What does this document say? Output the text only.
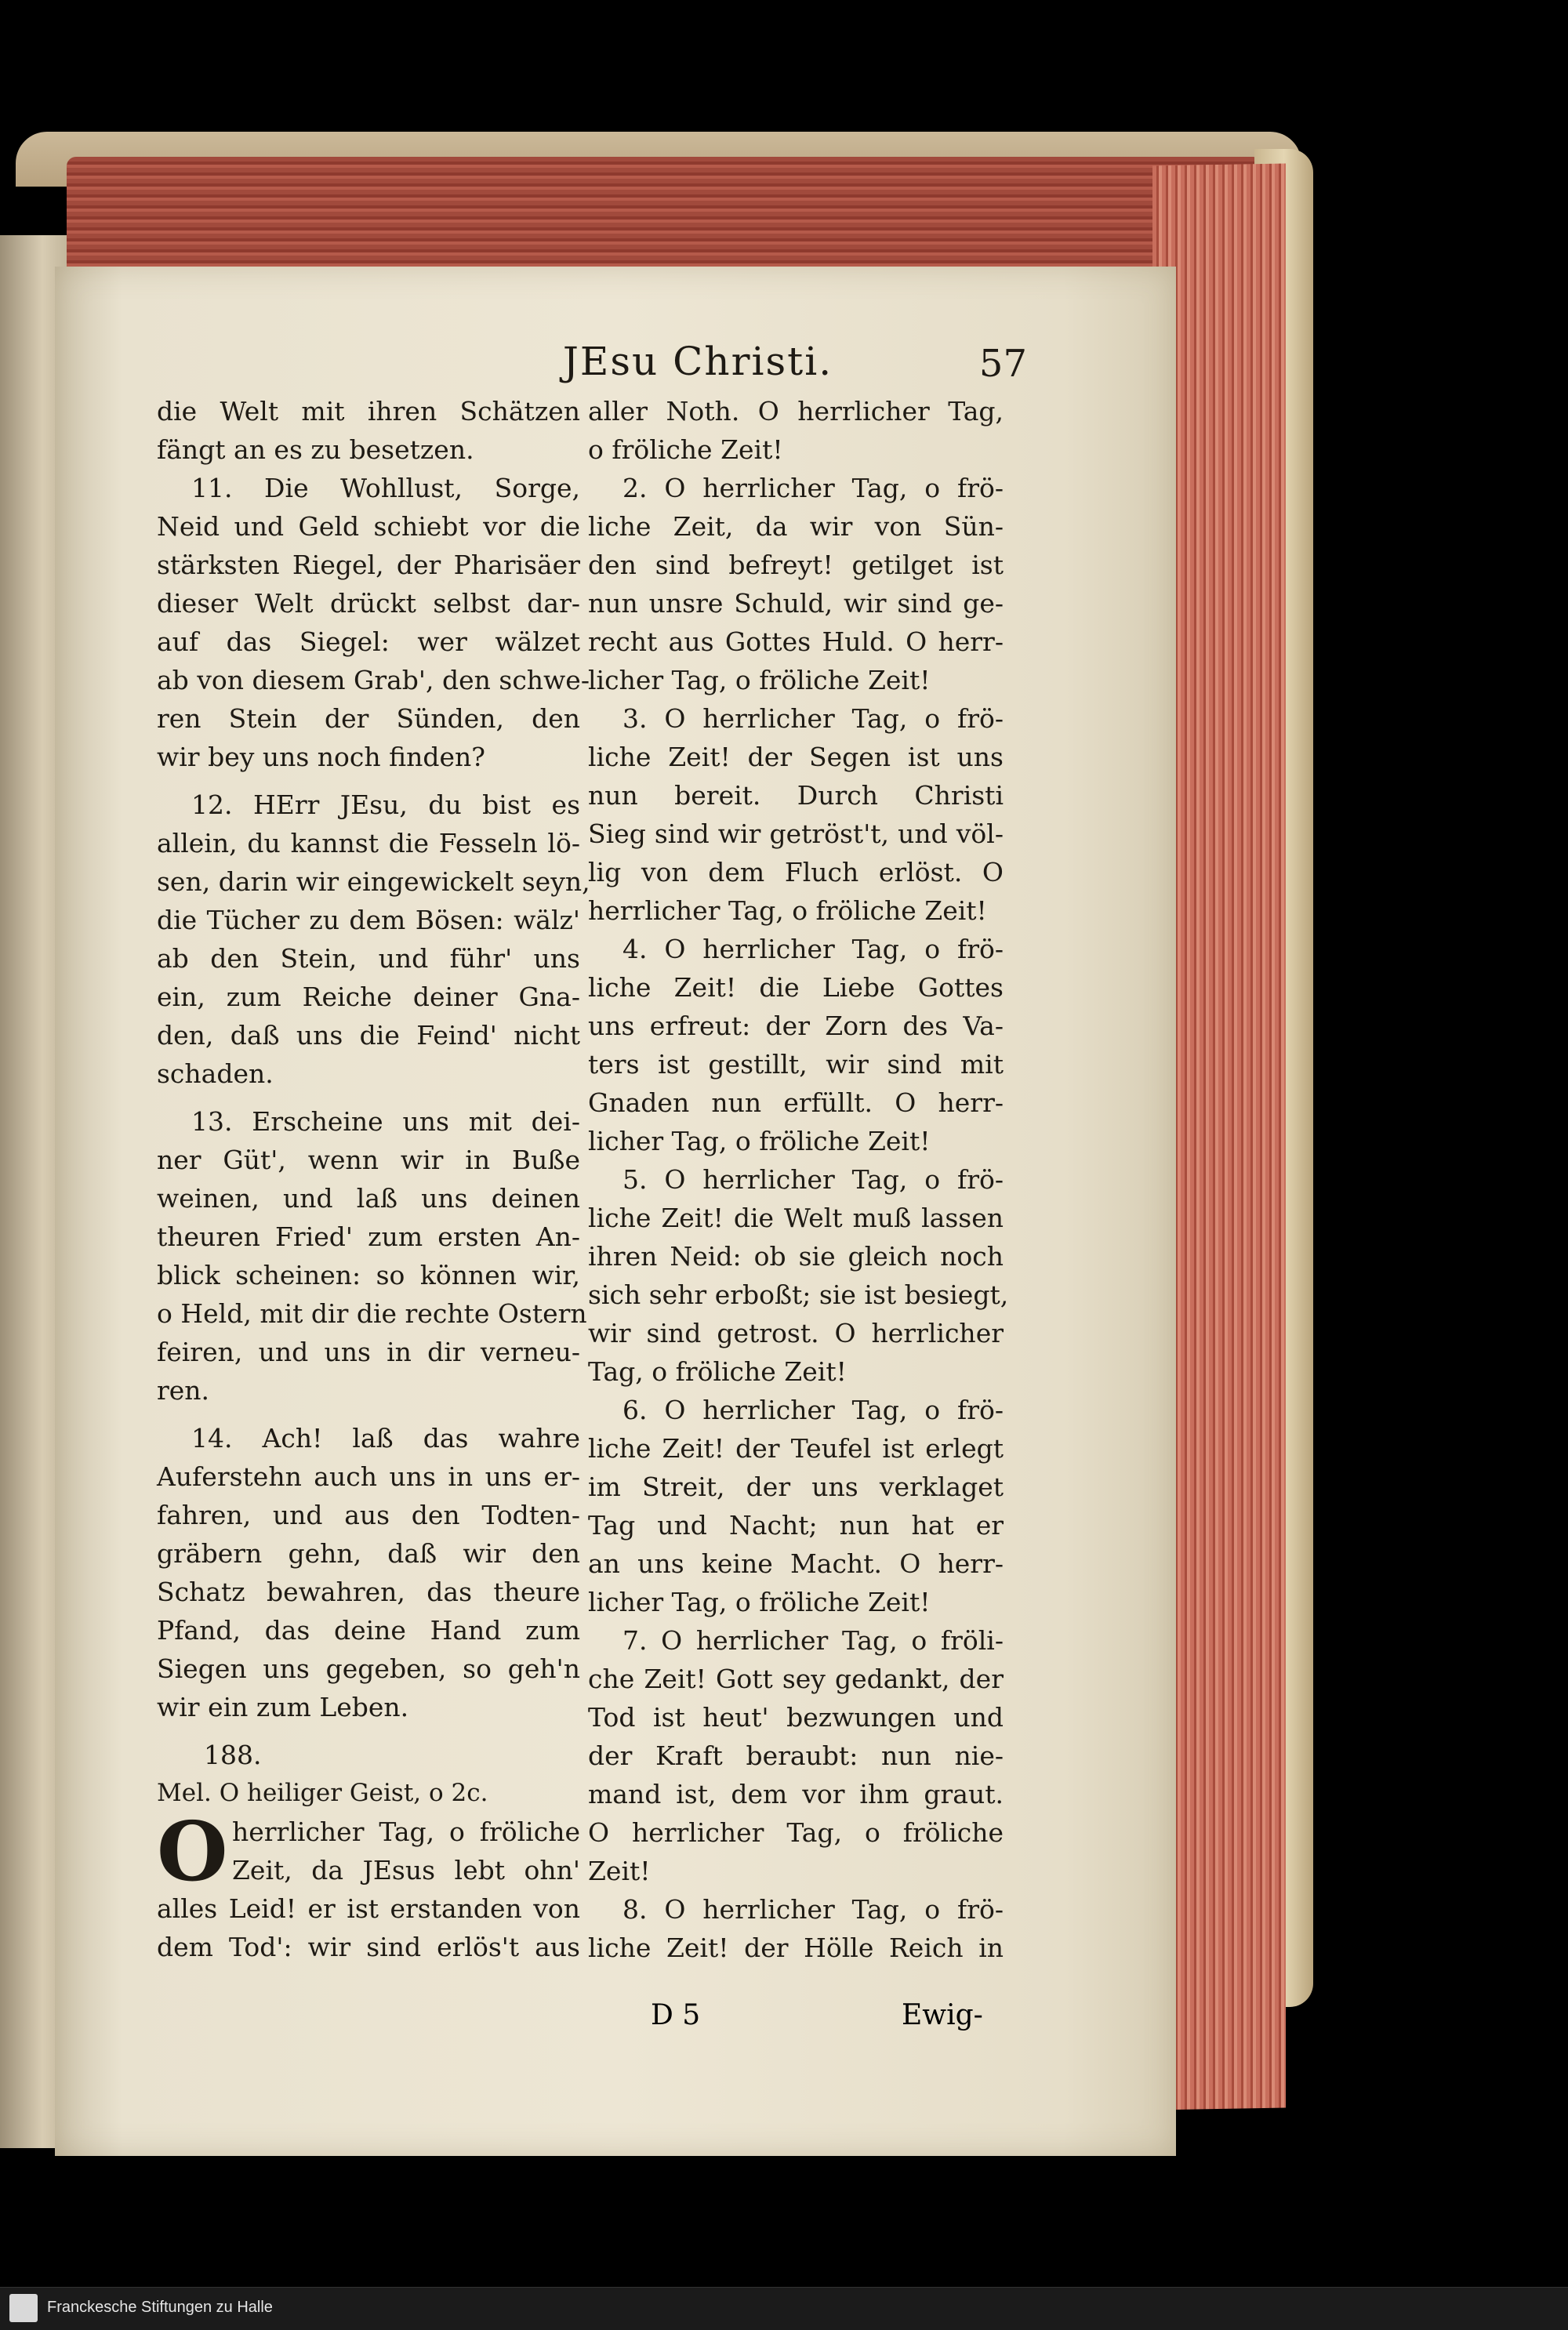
JEsu Christi.	57
die Welt mit ihren Schätzen
fängt an es zu besetzen.
11. Die Wohllust, Sorge,
Neid und Geld schiebt vor die
stärksten Riegel, der Pharisäer
dieser Welt drückt selbst dar-
auf das Siegel: wer wälzet
ab von diesem Grab', den schwe-
ren Stein der Sünden, den
wir bey uns noch finden?
12. HErr JEsu, du bist es
allein, du kannst die Fesseln lö-
sen, darin wir eingewickelt seyn,
die Tücher zu dem Bösen: wälz'
ab den Stein, und führ' uns
ein, zum Reiche deiner Gna-
den, daß uns die Feind' nicht
schaden.
13. Erscheine uns mit dei-
ner Güt', wenn wir in Buße
weinen, und laß uns deinen
theuren Fried' zum ersten An-
blick scheinen: so können wir,
o Held, mit dir die rechte Ostern
feiren, und uns in dir verneu-
ren.
14. Ach! laß das wahre
Auferstehn auch uns in uns er-
fahren, und aus den Todten-
gräbern gehn, daß wir den
Schatz bewahren, das theure
Pfand, das deine Hand zum
Siegen uns gegeben, so geh'n
wir ein zum Leben.
188.
Mel. O heiliger Geist, o 2c.
O herrlicher Tag, o fröliche
Zeit, da JEsus lebt ohn'
alles Leid! er ist erstanden von
dem Tod': wir sind erlös't aus
aller Noth. O herrlicher Tag,
o fröliche Zeit!
2. O herrlicher Tag, o frö-
liche Zeit, da wir von Sün-
den sind befreyt! getilget ist
nun unsre Schuld, wir sind ge-
recht aus Gottes Huld. O herr-
licher Tag, o fröliche Zeit!
3. O herrlicher Tag, o frö-
liche Zeit! der Segen ist uns
nun bereit. Durch Christi
Sieg sind wir getröst't, und völ-
lig von dem Fluch erlöst. O
herrlicher Tag, o fröliche Zeit!
4. O herrlicher Tag, o frö-
liche Zeit! die Liebe Gottes
uns erfreut: der Zorn des Va-
ters ist gestillt, wir sind mit
Gnaden nun erfüllt. O herr-
licher Tag, o fröliche Zeit!
5. O herrlicher Tag, o frö-
liche Zeit! die Welt muß lassen
ihren Neid: ob sie gleich noch
sich sehr erboßt; sie ist besiegt,
wir sind getrost. O herrlicher
Tag, o fröliche Zeit!
6. O herrlicher Tag, o frö-
liche Zeit! der Teufel ist erlegt
im Streit, der uns verklaget
Tag und Nacht; nun hat er
an uns keine Macht. O herr-
licher Tag, o fröliche Zeit!
7. O herrlicher Tag, o fröli-
che Zeit! Gott sey gedankt, der
Tod ist heut' bezwungen und
der Kraft beraubt: nun nie-
mand ist, dem vor ihm graut.
O herrlicher Tag, o fröliche
Zeit!
8. O herrlicher Tag, o frö-
liche Zeit! der Hölle Reich in
D 5	Ewig-
Franckesche Stiftungen zu Halle
